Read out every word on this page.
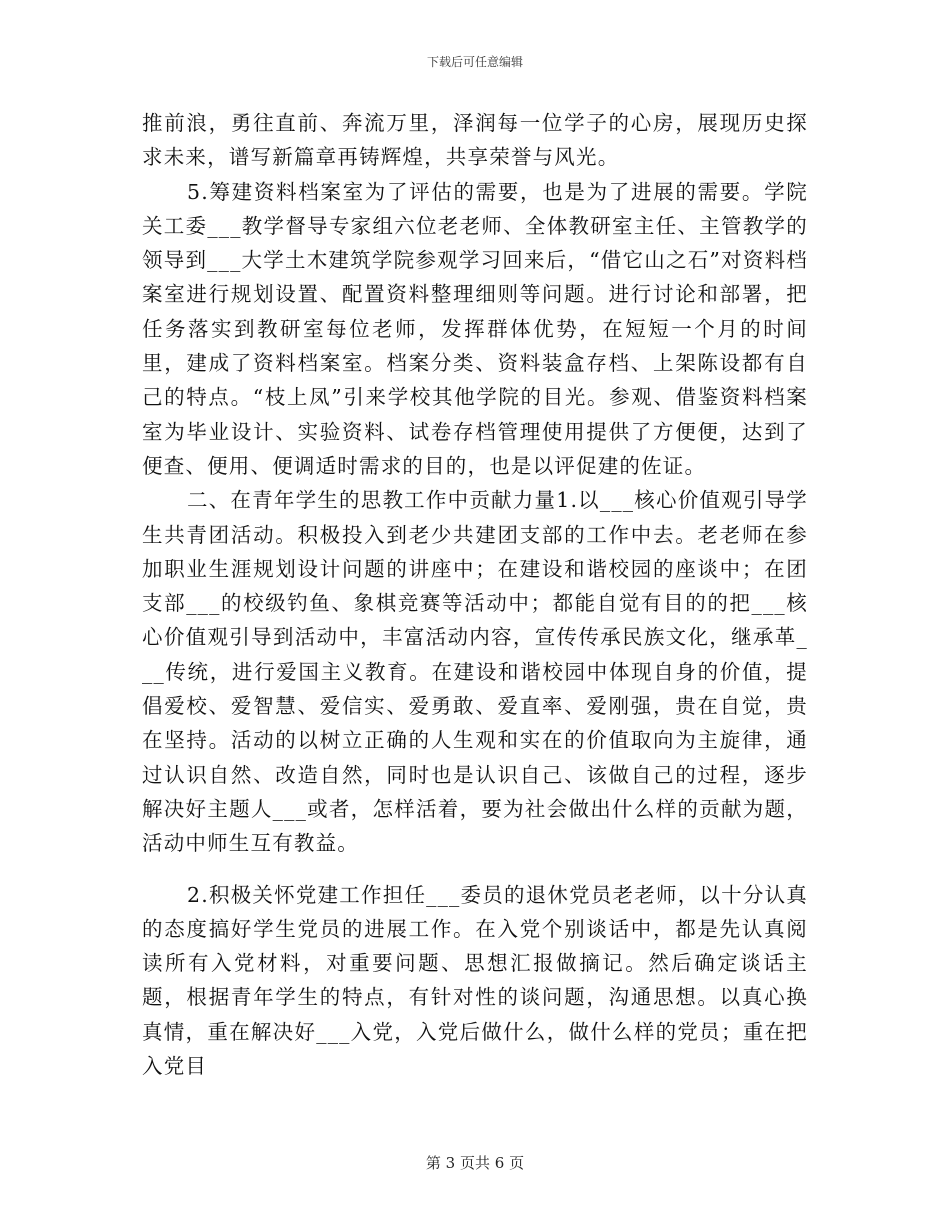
下载后可任意编辑

推前浪，勇往直前、奔流万里，泽润每一位学子的心房，展现历史探求未来，谱写新篇章再铸辉煌，共享荣誉与风光。

5.筹建资料档案室为了评估的需要，也是为了进展的需要。学院关工委___教学督导专家组六位老老师、全体教研室主任、主管教学的领导到___大学土木建筑学院参观学习回来后，“借它山之石”对资料档案室进行规划设置、配置资料整理细则等问题。进行讨论和部署，把任务落实到教研室每位老师，发挥群体优势，在短短一个月的时间里，建成了资料档案室。档案分类、资料装盒存档、上架陈设都有自己的特点。“枝上凤”引来学校其他学院的目光。参观、借鉴资料档案室为毕业设计、实验资料、试卷存档管理使用提供了方便便，达到了便查、便用、便调适时需求的目的，也是以评促建的佐证。

二、在青年学生的思教工作中贡献力量1.以___核心价值观引导学生共青团活动。积极投入到老少共建团支部的工作中去。老老师在参加职业生涯规划设计问题的讲座中；在建设和谐校园的座谈中；在团支部___的校级钓鱼、象棋竞赛等活动中；都能自觉有目的的把___核心价值观引导到活动中，丰富活动内容，宣传传承民族文化，继承革___传统，进行爱国主义教育。在建设和谐校园中体现自身的价值，提倡爱校、爱智慧、爱信实、爱勇敢、爱直率、爱刚强，贵在自觉，贵在坚持。活动的以树立正确的人生观和实在的价值取向为主旋律，通过认识自然、改造自然，同时也是认识自己、该做自己的过程，逐步解决好主题人___或者，怎样活着，要为社会做出什么样的贡献为题，活动中师生互有教益。

2.积极关怀党建工作担任___委员的退休党员老老师，以十分认真的态度搞好学生党员的进展工作。在入党个别谈话中，都是先认真阅读所有入党材料，对重要问题、思想汇报做摘记。然后确定谈话主题，根据青年学生的特点，有针对性的谈问题，沟通思想。以真心换真情，重在解决好___入党，入党后做什么，做什么样的党员；重在把入党目

第 3 页共 6 页
